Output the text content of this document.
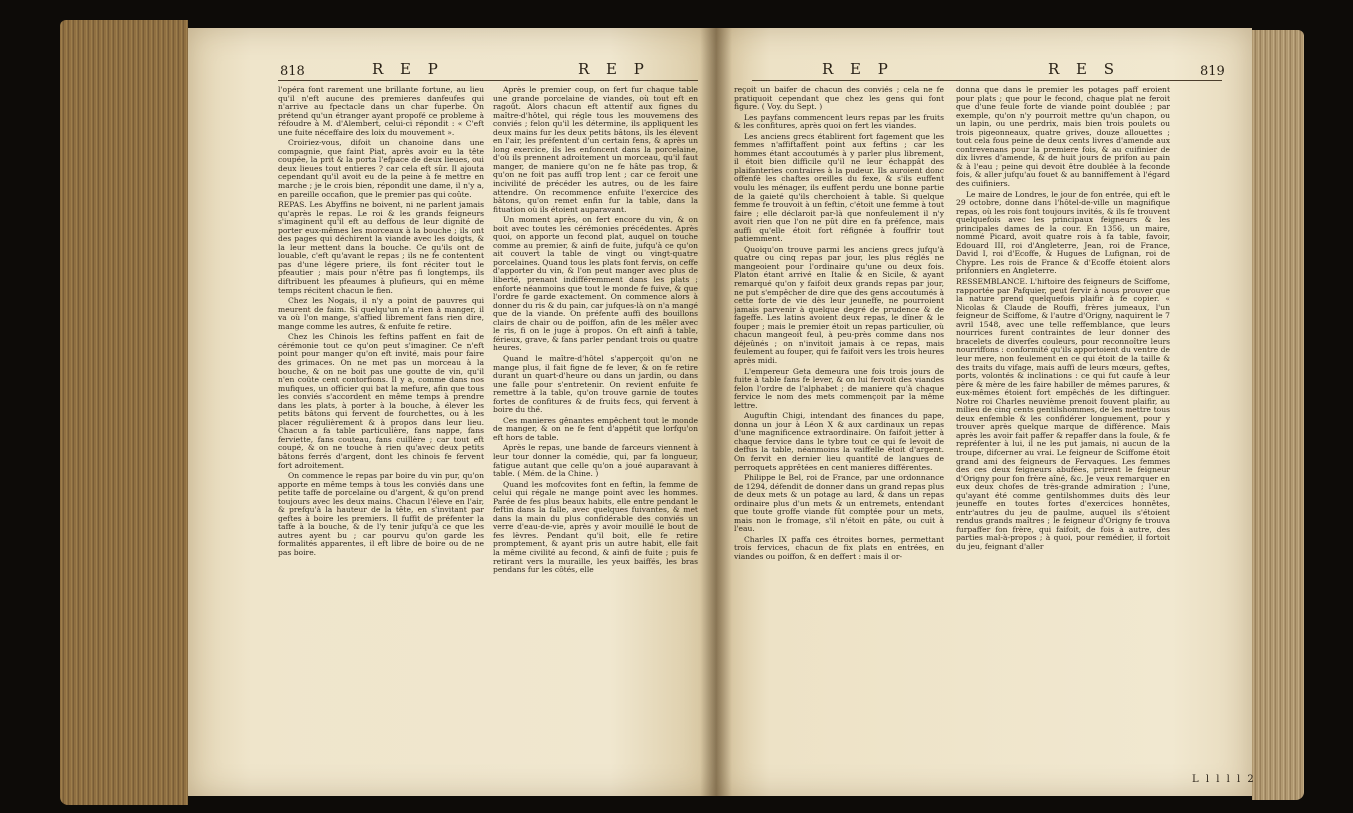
818	R E P	R E P	R E P	R E S	819

l'opéra font rarement une brillante fortune, au lieu qu'il n'eft aucune des premieres danfeufes qui n'arrive au fpectacle dans un char fuperbe. On prétend qu'un étranger ayant propofé ce probleme à réfoudre à M. d'Alembert, celui-ci répondit : « C'eft une fuite néceffaire des loix du mouvement ».

Croiriez-vous, difoit un chanoine dans une compagnie, que faint Piat, après avoir eu la tête coupée, la prit & la porta l'efpace de deux lieues, oui deux lieues tout entieres ? car cela eft sûr. Il ajouta cependant qu'il avoit eu de la peine à fe mettre en marche ; je le crois bien, répondit une dame, il n'y a, en pareille occafion, que le premier pas qui coûte.

REPAS. Les Abyffins ne boivent, ni ne parlent jamais qu'après le repas. Le roi & les grands feigneurs s'imaginent qu'il eft au deffous de leur dignité de porter eux-mêmes les morceaux à la bouche ; ils ont des pages qui déchirent la viande avec les doigts, & la leur mettent dans la bouche. Ce qu'ils ont de louable, c'eft qu'avant le repas ; ils ne fe contentent pas d'une légere priere, ils font réciter tout le pfeautier ; mais pour n'être pas fi longtemps, ils diftribuent les pfeaumes à plufieurs, qui en même temps récitent chacun le fien.

Chez les Nogais, il n'y a point de pauvres qui meurent de faim. Si quelqu'un n'a rien à manger, il va où l'on mange, s'affied librement fans rien dire, mange comme les autres, & enfuite fe retire.

Chez les Chinois les feftins paffent en fait de cérémonie tout ce qu'on peut s'imaginer. Ce n'eft point pour manger qu'on eft invité, mais pour faire des grimaces. On ne met pas un morceau à la bouche, & on ne boit pas une goutte de vin, qu'il n'en coûte cent contorfions. Il y a, comme dans nos mufiques, un officier qui bat la mefure, afin que tous les conviés s'accordent en même temps à prendre dans les plats, à porter à la bouche, à élever les petits bâtons qui fervent de fourchettes, ou à les placer régulièrement & à propos dans leur lieu. Chacun a fa table particulière, fans nappe, fans ferviette, fans couteau, fans cuillère ; car tout eft coupé, & on ne touche à rien qu'avec deux petits bâtons ferrés d'argent, dont les chinois fe fervent fort adroitement.

On commence le repas par boire du vin pur, qu'on apporte en même temps à tous les conviés dans une petite taffe de porcelaine ou d'argent, & qu'on prend toujours avec les deux mains. Chacun l'éleve en l'air, & prefqu'à la hauteur de la tête, en s'invitant par geftes à boire les premiers. Il fuffit de préfenter la taffe à la bouche, & de l'y tenir jufqu'à ce que les autres ayent bu ; car pourvu qu'on garde les formalités apparentes, il eft libre de boire ou de ne pas boire.

Après le premier coup, on fert fur chaque table une grande porcelaine de viandes, où tout eft en ragoût. Alors chacun eft attentif aux fignes du maître-d'hôtel, qui régle tous les mouvemens des conviés ; felon qu'il les détermine, ils appliquent les deux mains fur les deux petits bâtons, ils les élevent en l'air, les préfentent d'un certain fens, & après un long exercice, ils les enfoncent dans la porcelaine, d'où ils prennent adroitement un morceau, qu'il faut manger, de maniere qu'on ne fe hâte pas trop, & qu'on ne foit pas auffi trop lent ; car ce feroit une incivilité de précéder les autres, ou de les faire attendre. On recommence enfuite l'exercice des bâtons, qu'on remet enfin fur la table, dans la fituation où ils étoient auparavant.

Un moment après, on fert encore du vin, & on boit avec toutes les cérémonies précédentes. Après quoi, on apporte un fecond plat, auquel on touche comme au premier, & ainfi de fuite, jufqu'à ce qu'on ait couvert la table de vingt ou vingt-quatre porcelaines. Quand tous les plats font fervis, on ceffe d'apporter du vin, & l'on peut manger avec plus de liberté, prenant indifféremment dans les plats ; enforte néanmoins que tout le monde fe fuive, & que l'ordre fe garde exactement. On commence alors à donner du ris & du pain, car jufques-là on n'a mangé que de la viande. On préfente auffi des bouillons clairs de chair ou de poiffon, afin de les mêler avec le ris, fi on le juge à propos. On eft ainfi à table, férieux, grave, & fans parler pendant trois ou quatre heures.

Quand le maître-d'hôtel s'apperçoit qu'on ne mange plus, il fait figne de fe lever, & on fe retire durant un quart-d'heure ou dans un jardin, ou dans une falle pour s'entretenir. On revient enfuite fe remettre à la table, qu'on trouve garnie de toutes fortes de confitures & de fruits fecs, qui fervent à boire du thé.

Ces manieres gênantes empêchent tout le monde de manger, & on ne fe fent d'appétit que lorfqu'on eft hors de table.

Après le repas, une bande de farceurs viennent à leur tour donner la comédie, qui, par fa longueur, fatigue autant que celle qu'on a joué auparavant à table. ( Mém. de la Chine. )

Quand les mofcovites font en feftin, la femme de celui qui régale ne mange point avec les hommes. Parée de fes plus beaux habits, elle entre pendant le feftin dans la falle, avec quelques fuivantes, & met dans la main du plus confidérable des conviés un verre d'eau-de-vie, après y avoir mouillé le bout de fes lèvres. Pendant qu'il boit, elle fe retire promptement, & ayant pris un autre habit, elle fait la même civilité au fecond, & ainfi de fuite ; puis fe retirant vers la muraille, les yeux baiffés, les bras pendans fur les côtés, elle

reçoit un baifer de chacun des conviés ; cela ne fe pratiquoit cependant que chez les gens qui font figure. ( Voy. du Sept. )

Les payfans commencent leurs repas par les fruits & les confitures, après quoi on fert les viandes.

Les anciens grecs établirent fort fagement que les femmes n'affiftaffent point aux feftins ; car les hommes étant accoutumés à y parler plus librement, il étoit bien difficile qu'il ne leur échappât des plaifanteries contraires à la pudeur. Ils auroient donc offenfé les chaftes oreilles du fexe, & s'ils euffent voulu les ménager, ils euffent perdu une bonne partie de la gaieté qu'ils cherchoient à table. Si quelque femme fe trouvoit à un feftin, c'étoit une femme à tout faire ; elle déclaroit par-là que nonfeulement il n'y avoit rien que l'on ne pût dire en fa préfence, mais auffi qu'elle étoit fort réfignée à fouffrir tout patiemment.

Quoiqu'on trouve parmi les anciens grecs jufqu'à quatre ou cinq repas par jour, les plus réglés ne mangeoient pour l'ordinaire qu'une ou deux fois. Platon étant arrivé en Italie & en Sicile, & ayant remarqué qu'on y faifoit deux grands repas par jour, ne put s'empêcher de dire que des gens accoutumés à cette forte de vie dès leur jeuneffe, ne pourroient jamais parvenir à quelque degré de prudence & de fageffe. Les latins avoient deux repas, le dîner & le fouper ; mais le premier étoit un repas particulier, où chacun mangeoit feul, à peu-près comme dans nos déjeûnés ; on n'invitoit jamais à ce repas, mais feulement au fouper, qui fe faifoit vers les trois heures après midi.

L'empereur Geta demeura une fois trois jours de fuite à table fans fe lever, & on lui fervoit des viandes felon l'ordre de l'alphabet ; de maniere qu'à chaque fervice le nom des mets commençoit par la même lettre.

Auguftin Chigi, intendant des finances du pape, donna un jour à Léon X & aux cardinaux un repas d'une magnificence extraordinaire. On faifoit jetter à chaque fervice dans le tybre tout ce qui fe levoit de deffus la table, néanmoins la vaiffelle étoit d'argent. On fervit en dernier lieu quantité de langues de perroquets apprêtées en cent manieres différentes.

Philippe le Bel, roi de France, par une ordonnance de 1294, défendit de donner dans un grand repas plus de deux mets & un potage au lard, & dans un repas ordinaire plus d'un mets & un entremets, entendant que toute groffe viande fût comptée pour un mets, mais non le fromage, s'il n'étoit en pâte, ou cuit à l'eau.

Charles IX paffa ces étroites bornes, permettant trois fervices, chacun de fix plats en entrées, en viandes ou poiffon, & en deffert : mais il or-

donna que dans le premier les potages paff eroient pour plats ; que pour le fecond, chaque plat ne feroit que d'une feule forte de viande point doublée ; par exemple, qu'on n'y pourroit mettre qu'un chapon, ou un lapin, ou une perdrix, mais bien trois poulets ou trois pigeonneaux, quatre grives, douze allouettes ; tout cela fous peine de deux cents livres d'amende aux contrevenans pour la premiere fois, & au cuifinier de dix livres d'amende, & de huit jours de prifon au pain & à l'eau ; peine qui devoit être doublée à la feconde fois, & aller jufqu'au fouet & au banniffement à l'égard des cuifiniers.

Le maire de Londres, le jour de fon entrée, qui eft le 29 octobre, donne dans l'hôtel-de-ville un magnifique repas, où les rois font toujours invités, & ils fe trouvent quelquefois avec les principaux feigneurs & les principales dames de la cour. En 1356, un maire, nommé Picard, avoit quatre rois à fa table, favoir, Edouard III, roi d'Angleterre, Jean, roi de France, David I, roi d'Ecoffe, & Hugues de Lufignan, roi de Chypre. Les rois de France & d'Ecoffe étoient alors prifonniers en Angleterre.

RESSEMBLANCE. L'hiftoire des feigneurs de Sciffome, rapportée par Pafquier, peut fervir à nous prouver que la nature prend quelquefois plaifir à fe copier. « Nicolas & Claude de Rouffi, frères jumeaux, l'un feigneur de Sciffome, & l'autre d'Origny, naquirent le 7 avril 1548, avec une telle reffemblance, que leurs nourrices furent contraintes de leur donner des bracelets de diverfes couleurs, pour reconnoître leurs nourriffons : conformité qu'ils apportoient du ventre de leur mere, non feulement en ce qui étoit de la taille & des traits du vifage, mais auffi de leurs mœurs, geftes, ports, volontés & inclinations : ce qui fut caufe à leur père & mère de les faire habiller de mêmes parures, & eux-mêmes étoient fort empêchés de les diftinguer. Notre roi Charles neuvième prenoit fouvent plaifir, au milieu de cinq cents gentilshommes, de les mettre tous deux enfemble & les confidérer longuement, pour y trouver après quelque marque de différence. Mais après les avoir fait paffer & repaffer dans la foule, & fe repréfenter à lui, il ne les put jamais, ni aucun de la troupe, difcerner au vrai. Le feigneur de Sciffome étoit grand ami des feigneurs de Fervaques. Les femmes des ces deux feigneurs abufées, prirent le feigneur d'Origny pour fon frère aîné, &c. Je veux remarquer en eux deux chofes de très-grande admiration ; l'une, qu'ayant été comme gentilshommes duits dès leur jeuneffe en toutes fortes d'exercices honnêtes, entr'autres du jeu de paulme, auquel ils s'étoient rendus grands maîtres ; le feigneur d'Origny fe trouva furpaffer fon frère, qui faifoit, de fois à autre, des parties mal-à-propos ; à quoi, pour remédier, il fortoit du jeu, feignant d'aller

L l l l l 2
